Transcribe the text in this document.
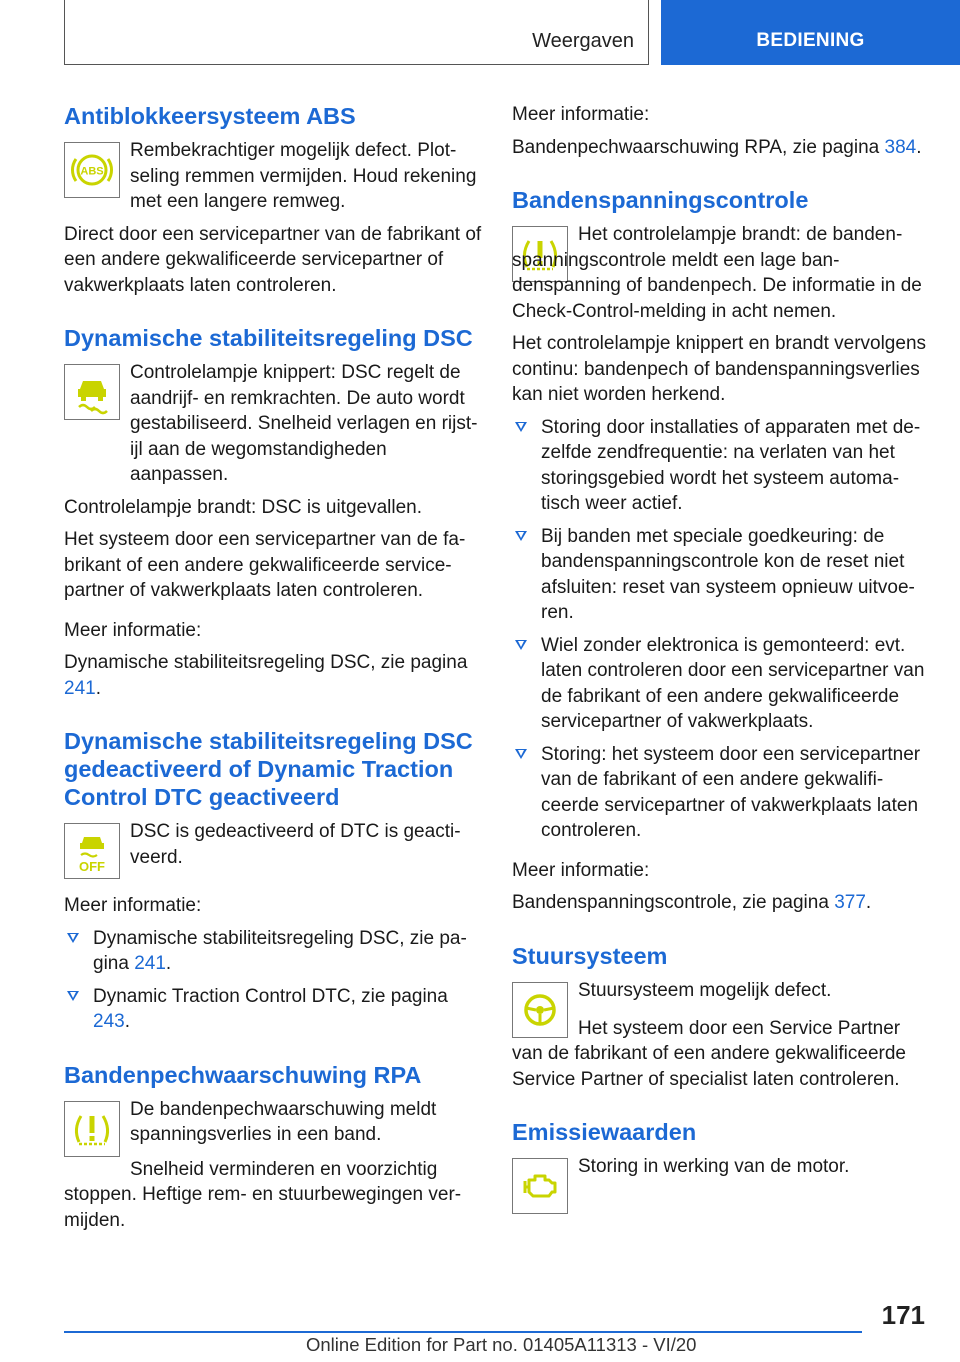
Weergaven	BEDIENING
Antiblokkeersysteem ABS
ABS

Rembekrachtiger mogelijk defect. Plotseling remmen vermijden. Houd rekening met een langere remweg.

Direct door een servicepartner van de fabrikant of een andere gekwalificeerde servicepartner of vakwerkplaats laten controleren.

Dynamische stabiliteitsregeling DSC

Controlelampje knippert: DSC regelt de aandrijf- en remkrachten. De auto wordt gestabiliseerd. Snelheid verlagen en rijstijl aan de wegomstandigheden aanpassen.

Controlelampje brandt: DSC is uitgevallen.

Het systeem door een servicepartner van de fabrikant of een andere gekwalificeerde servicepartner of vakwerkplaats laten controleren.

Meer informatie:

Dynamische stabiliteitsregeling DSC, zie pagina 241.

Dynamische stabiliteitsregeling DSC gedeactiveerd of Dynamic Traction Control DTC geactiveerd
OFF

DSC is gedeactiveerd of DTC is geactiveerd.

Meer informatie:

Dynamische stabiliteitsregeling DSC, zie pagina 241.
Dynamic Traction Control DTC, zie pagina 243.
Bandenpechwaarschuwing RPA

De bandenpechwaarschuwing meldt spanningsverlies in een band.

Snelheid verminderen en voorzichtig stoppen. Heftige rem- en stuurbewegingen vermijden.

Meer informatie:

Bandenpechwaarschuwing RPA, zie pagina 384.

Bandenspanningscontrole

Het controlelampje brandt: de bandenspanningscontrole meldt een lage bandenspanning of bandenpech. De informatie in de Check-Control-melding in acht nemen.

Het controlelampje knippert en brandt vervolgens continu: bandenpech of bandenspanningsverlies kan niet worden herkend.

Storing door installaties of apparaten met dezelfde zendfrequentie: na verlaten van het storingsgebied wordt het systeem automatisch weer actief.
Bij banden met speciale goedkeuring: de bandenspanningscontrole kon de reset niet afsluiten: reset van systeem opnieuw uitvoeren.
Wiel zonder elektronica is gemonteerd: evt. laten controleren door een servicepartner van de fabrikant of een andere gekwalificeerde servicepartner of vakwerkplaats.
Storing: het systeem door een servicepartner van de fabrikant of een andere gekwalificeerde servicepartner of vakwerkplaats laten controleren.

Meer informatie:

Bandenspanningscontrole, zie pagina 377.

Stuursysteem

Stuursysteem mogelijk defect.

Het systeem door een Service Partner van de fabrikant of een andere gekwalificeerde Service Partner of specialist laten controleren.

Emissiewaarden

Storing in werking van de motor.

171
Online Edition for Part no. 01405A11313 - VI/20
